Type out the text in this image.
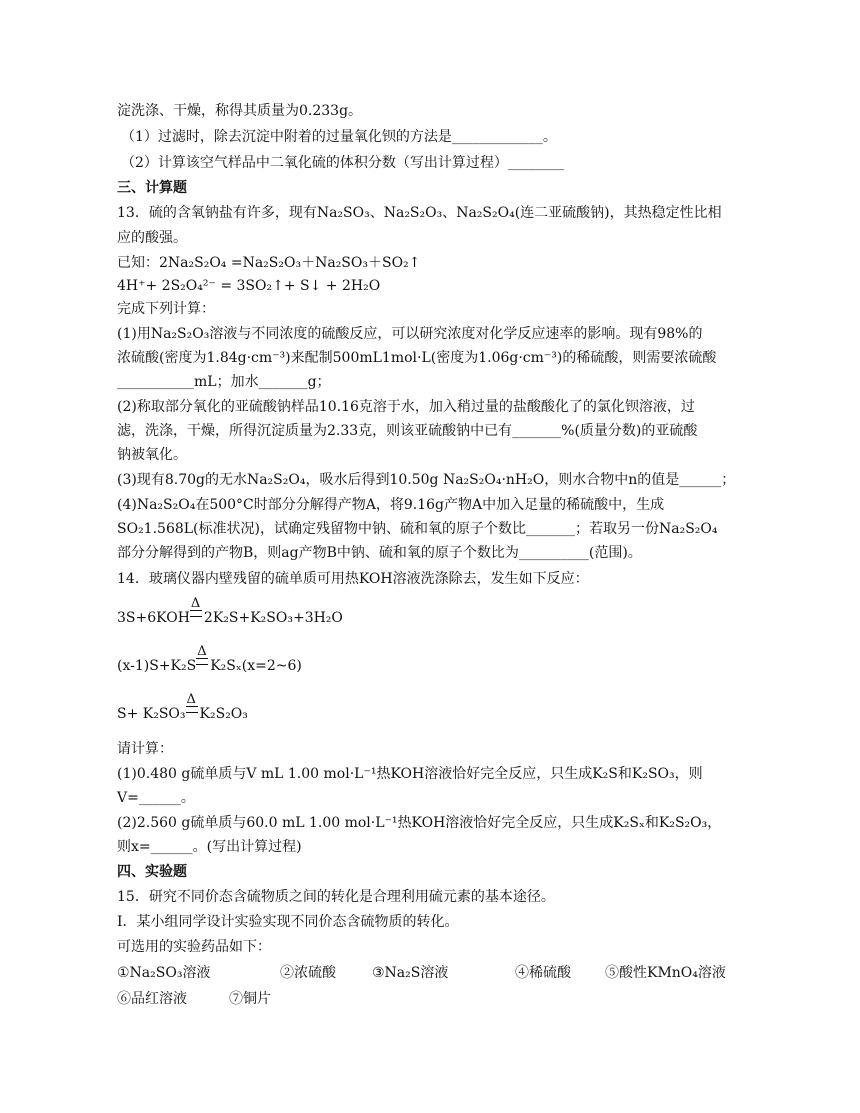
淀洗涤、干燥，称得其质量为0.233g。
（1）过滤时，除去沉淀中附着的过量氧化钡的方法是_____________。
（2）计算该空气样品中二氧化硫的体积分数（写出计算过程）________
三、计算题
13．硫的含氧钠盐有许多，现有Na₂SO₃、Na₂S₂O₃、Na₂S₂O₄(连二亚硫酸钠)，其热稳定性比相
应的酸强。
已知：2Na₂S₂O₄ =Na₂S₂O₃＋Na₂SO₃＋SO₂↑
4H⁺+ 2S₂O₄²⁻ = 3SO₂↑+ S↓ + 2H₂O
完成下列计算：
(1)用Na₂S₂O₃溶液与不同浓度的硫酸反应，可以研究浓度对化学反应速率的影响。现有98%的
浓硫酸(密度为1.84g·cm⁻³)来配制500mL1mol·L(密度为1.06g·cm⁻³)的稀硫酸，则需要浓硫酸
___________mL；加水_______g；
(2)称取部分氧化的亚硫酸钠样品10.16克溶于水，加入稍过量的盐酸酸化了的氯化钡溶液，过
滤，洗涤，干燥，所得沉淀质量为2.33克，则该亚硫酸钠中已有_______%(质量分数)的亚硫酸
钠被氧化。
(3)现有8.70g的无水Na₂S₂O₄，吸水后得到10.50g Na₂S₂O₄·nH₂O，则水合物中n的值是______；
(4)Na₂S₂O₄在500°C时部分分解得产物A，将9.16g产物A中加入足量的稀硫酸中，生成
SO₂1.568L(标准状况)，试确定残留物中钠、硫和氧的原子个数比_______；若取另一份Na₂S₂O₄
部分分解得到的产物B，则ag产物B中钠、硫和氧的原子个数比为__________(范围)。
14．玻璃仪器内壁残留的硫单质可用热KOH溶液洗涤除去，发生如下反应：
3S+6KOH
Δ
2K₂S+K₂SO₃+3H₂O
(x-1)S+K₂S
Δ
K₂Sₓ(x=2~6)
S+ K₂SO₃
Δ
K₂S₂O₃
请计算：
(1)0.480 g硫单质与V mL 1.00 mol·L⁻¹热KOH溶液恰好完全反应，只生成K₂S和K₂SO₃，则
V=______。
(2)2.560 g硫单质与60.0 mL 1.00 mol·L⁻¹热KOH溶液恰好完全反应，只生成K₂Sₓ和K₂S₂O₃，
则x=______。(写出计算过程)
四、实验题
15．研究不同价态含硫物质之间的转化是合理利用硫元素的基本途径。
I．某小组同学设计实验实现不同价态含硫物质的转化。
可选用的实验药品如下：
①Na₂SO₃溶液	②浓硫酸	③Na₂S溶液	④稀硫酸 ⑤酸性KMnO₄溶液
⑥品红溶液	⑦铜片
